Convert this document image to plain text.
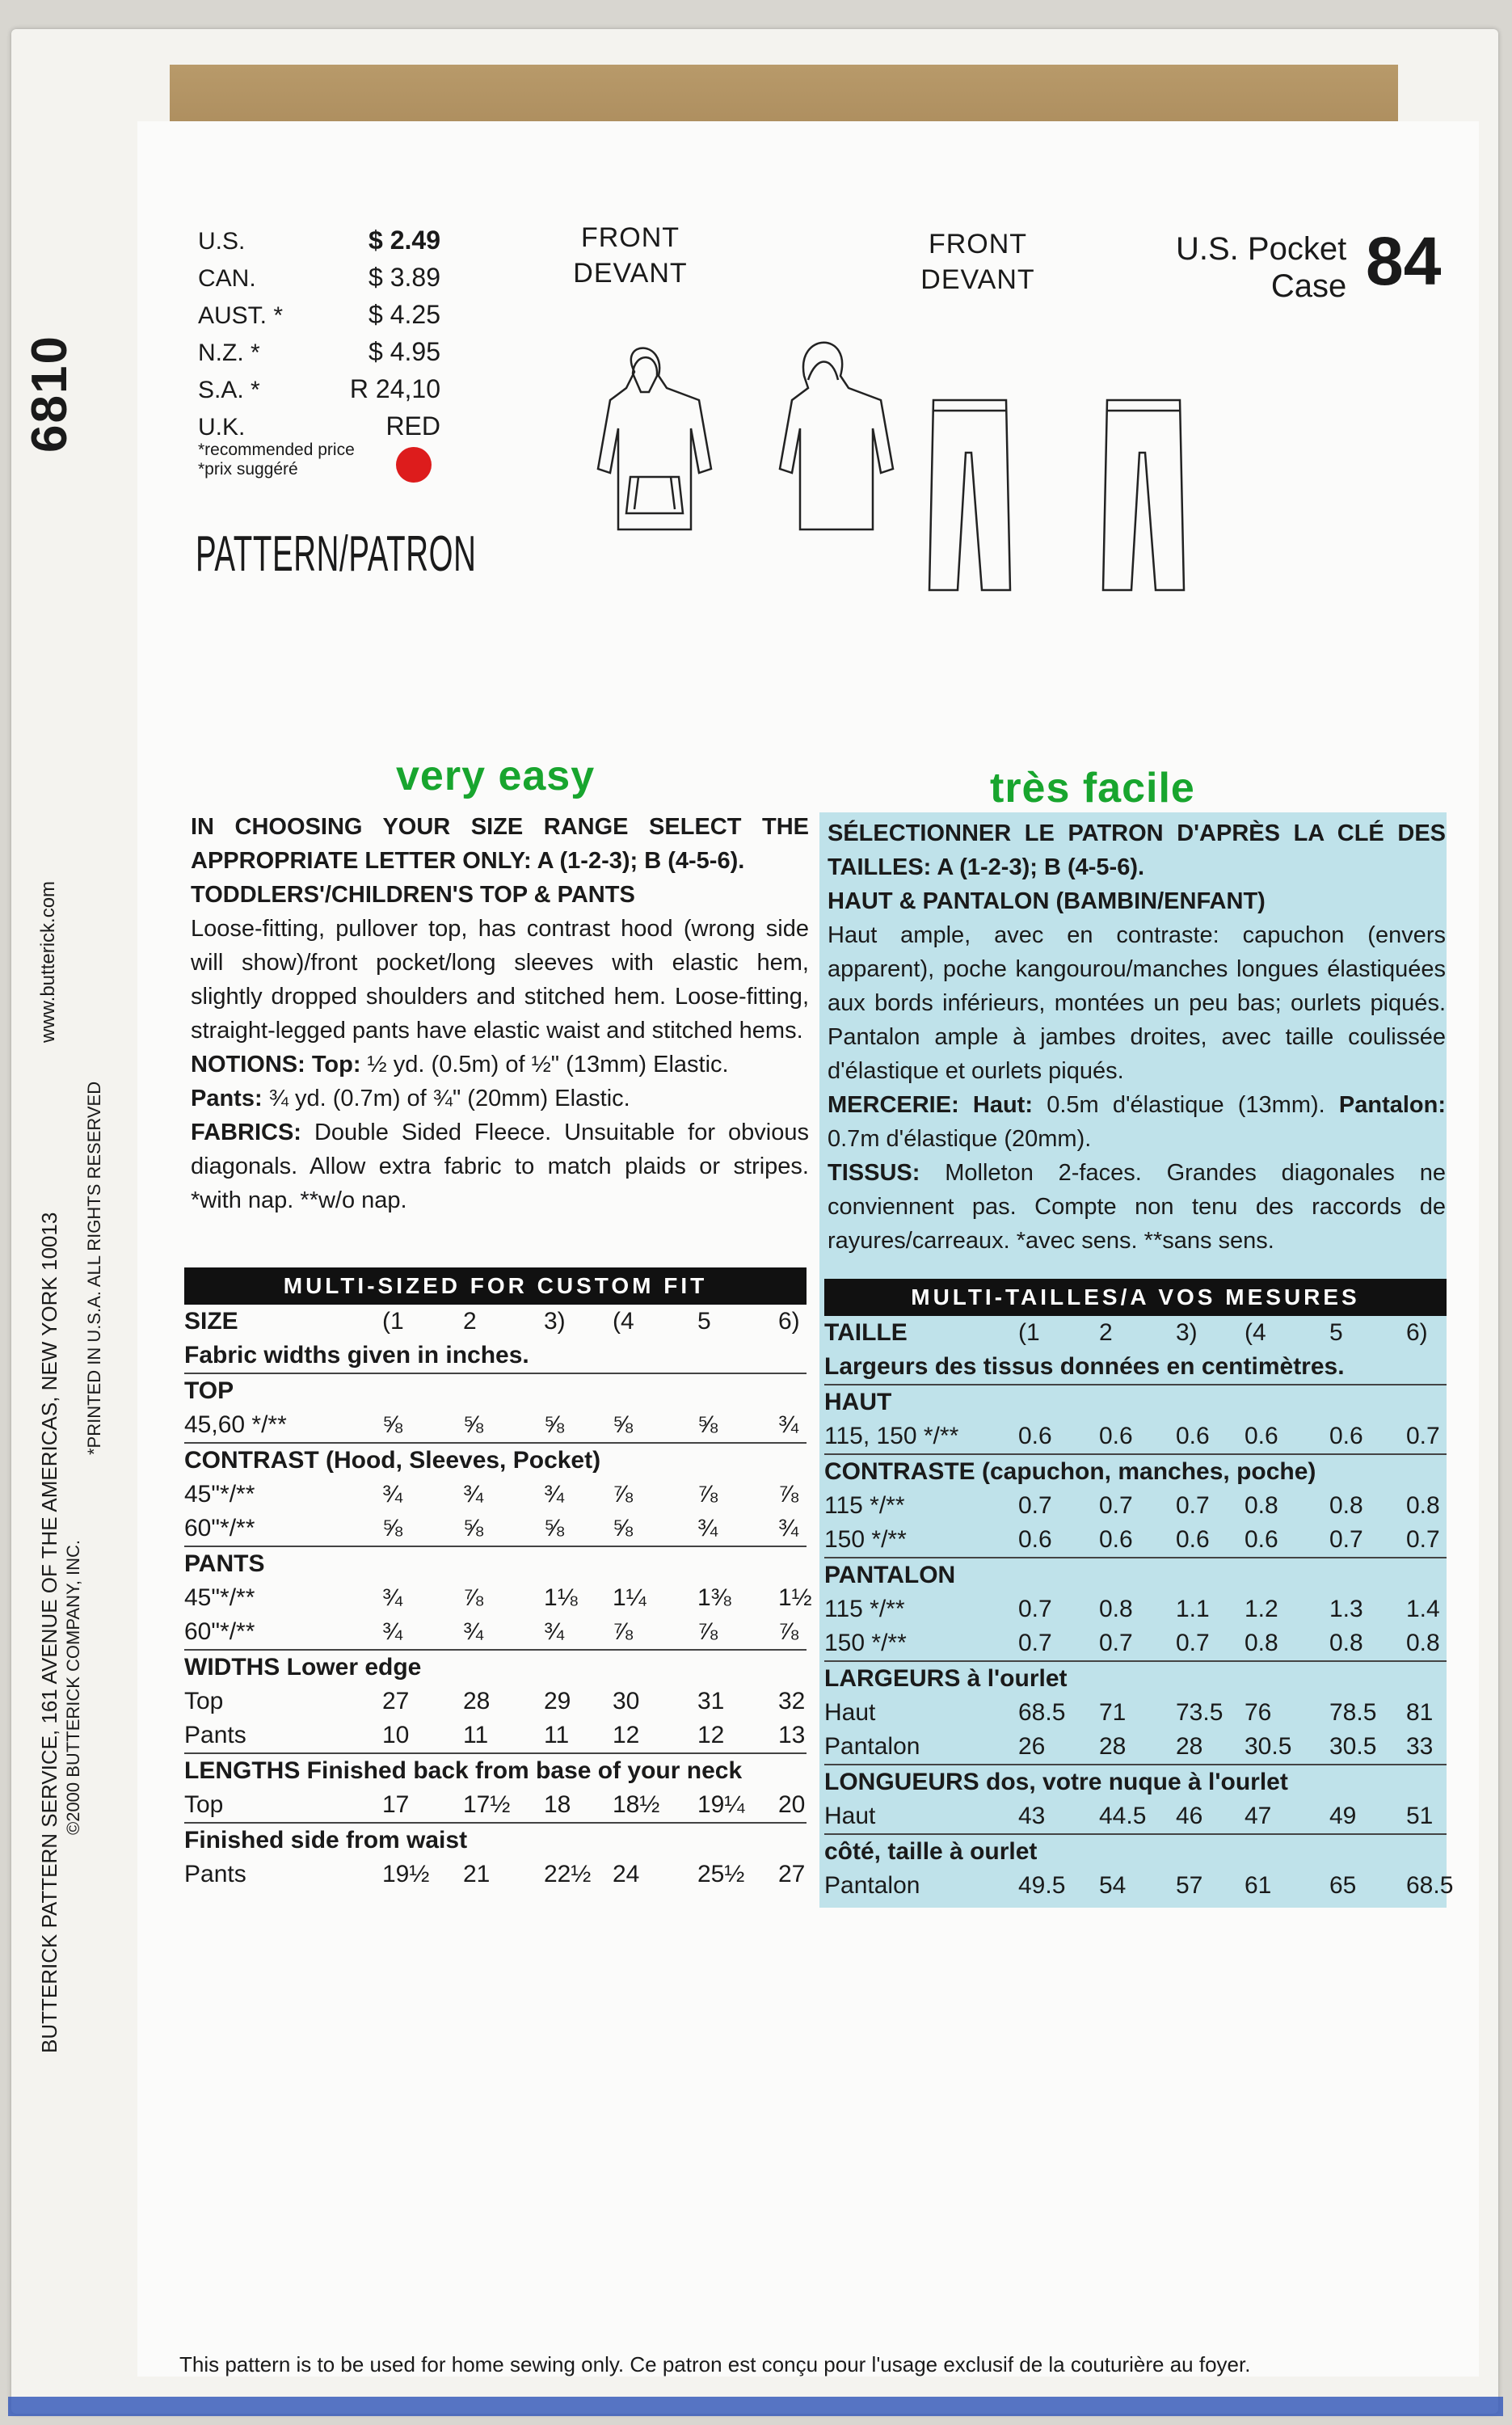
6810
BUTTERICK PATTERN SERVICE, 161 AVENUE OF THE AMERICAS, NEW YORK 10013
www.butterick.com
©2000 BUTTERICK COMPANY, INC.
*PRINTED IN U.S.A. ALL RIGHTS RESERVED
U.S.	$ 2.49
CAN.	$ 3.89
AUST. *	$ 4.25
N.Z. *	$ 4.95
S.A. *	R 24,10
U.K.	RED
*recommended price
*prix suggéré
PATTERN/PATRON
FRONT
DEVANT
FRONT
DEVANT
U.S. Pocket
Case 84
very easy	très facile

IN CHOOSING YOUR SIZE RANGE SELECT THE APPROPRIATE LETTER ONLY: A (1-2-3); B (4-5-6).

TODDLERS'/CHILDREN'S TOP & PANTS

Loose-fitting, pullover top, has contrast hood (wrong side will show)/front pocket/long sleeves with elastic hem, slightly dropped shoulders and stitched hem. Loose-fitting, straight-legged pants have elastic waist and stitched hems.

NOTIONS: Top: ½ yd. (0.5m) of ½" (13mm) Elastic.

Pants: ¾ yd. (0.7m) of ¾" (20mm) Elastic.

FABRICS: Double Sided Fleece. Unsuitable for obvious diagonals. Allow extra fabric to match plaids or stripes. *with nap. **w/o nap.

SÉLECTIONNER LE PATRON D'APRÈS LA CLÉ DES TAILLES: A (1-2-3); B (4-5-6).

HAUT & PANTALON (BAMBIN/ENFANT)

Haut ample, avec en contraste: capuchon (envers apparent), poche kangourou/manches longues élastiquées aux bords inférieurs, montées un peu bas; ourlets piqués. Pantalon ample à jambes droites, avec taille coulissée d'élastique et ourlets piqués.

MERCERIE: Haut: 0.5m d'élastique (13mm). Pantalon: 0.7m d'élastique (20mm).

TISSUS: Molleton 2-faces. Grandes diagonales ne conviennent pas. Compte non tenu des raccords de rayures/carreaux. *avec sens. **sans sens.

MULTI-SIZED FOR CUSTOM FIT
SIZE	(1 2	3) (4	5	6)
Fabric widths given in inches.
TOP
45,60 */**	⅝ ⅝ ⅝ ⅝	⅝ ¾
CONTRAST (Hood, Sleeves, Pocket)
45"*/**	¾ ¾ ¾ ⅞	⅞ ⅞
60"*/**	⅝ ⅝ ⅝ ⅝	¾ ¾
PANTS
45"*/**	¾ ⅞ 1⅛ 1¼ 1⅜ 1½
60"*/**	¾ ¾ ¾ ⅞	⅞ ⅞
WIDTHS Lower edge
Top	27 28 29 30 31 32
Pants	10 11 11 12 12 13
LENGTHS Finished back from base of your neck
Top	17 17½ 18 18½ 19¼ 20
Finished side from waist
Pants	19½ 21 22½ 24 25½ 27
MULTI-TAILLES/A VOS MESURES
TAILLE	(1 2	3) (4	5	6)
Largeurs des tissus données en centimètres.
HAUT
115, 150 */** 0.6 0.6 0.6 0.6 0.6 0.7
CONTRASTE (capuchon, manches, poche)
115 */**	0.7 0.7 0.7 0.8 0.8 0.8
150 */**	0.6 0.6 0.6 0.6 0.7 0.7
PANTALON
115 */**	0.7 0.8 1.1 1.2 1.3 1.4
150 */**	0.7 0.7 0.7 0.8 0.8 0.8
LARGEURS à l'ourlet
Haut	68.5 71 73.5 76 78.5 81
Pantalon	26 28 28 30.5 30.5 33
LONGUEURS dos, votre nuque à l'ourlet
Haut	43 44.5 46 47 49 51
côté, taille à ourlet
Pantalon	49.5 54 57 61 65 68.5
This pattern is to be used for home sewing only. Ce patron est conçu pour l'usage exclusif de la couturière au foyer.
